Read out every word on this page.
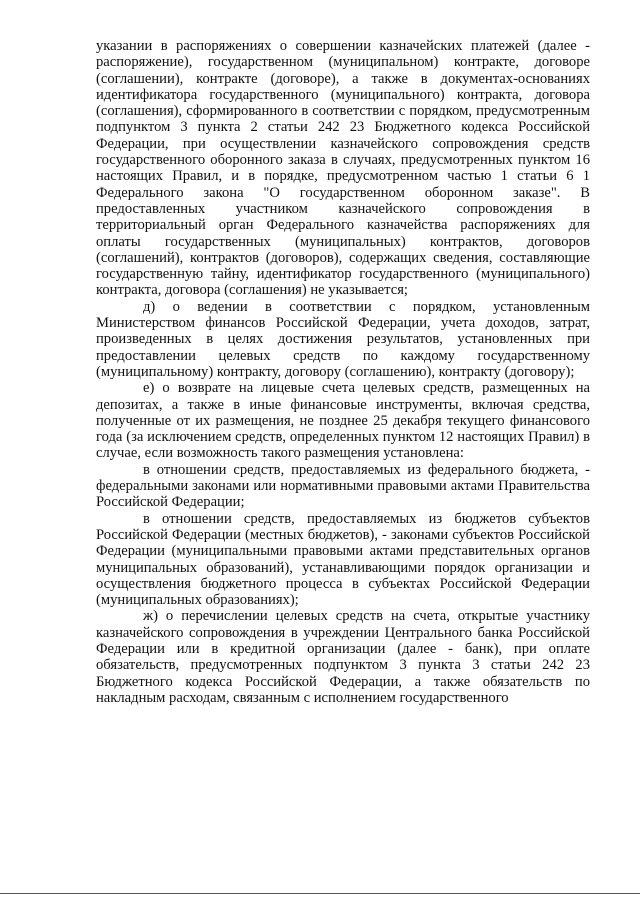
указании в распоряжениях о совершении казначейских платежей (далее - распоряжение), государственном (муниципальном) контракте, договоре (соглашении), контракте (договоре), а также в документах-основаниях идентификатора государственного (муниципального) контракта, договора (соглашения), сформированного в соответствии с порядком, предусмотренным подпунктом 3 пункта 2 статьи 242 23 Бюджетного кодекса Российской Федерации, при осуществлении казначейского сопровождения средств государственного оборонного заказа в случаях, предусмотренных пунктом 16 настоящих Правил, и в порядке, предусмотренном частью 1 статьи 6 1 Федерального закона "О государственном оборонном заказе". В предоставленных участником казначейского сопровождения в территориальный орган Федерального казначейства распоряжениях для оплаты государственных (муниципальных) контрактов, договоров (соглашений), контрактов (договоров), содержащих сведения, составляющие государственную тайну, идентификатор государственного (муниципального) контракта, договора (соглашения) не указывается;

д) о ведении в соответствии с порядком, установленным Министерством финансов Российской Федерации, учета доходов, затрат, произведенных в целях достижения результатов, установленных при предоставлении целевых средств по каждому государственному (муниципальному) контракту, договору (соглашению), контракту (договору);

е) о возврате на лицевые счета целевых средств, размещенных на депозитах, а также в иные финансовые инструменты, включая средства, полученные от их размещения, не позднее 25 декабря текущего финансового года (за исключением средств, определенных пунктом 12 настоящих Правил) в случае, если возможность такого размещения установлена:

в отношении средств, предоставляемых из федерального бюджета, - федеральными законами или нормативными правовыми актами Правительства Российской Федерации;

в отношении средств, предоставляемых из бюджетов субъектов Российской Федерации (местных бюджетов), - законами субъектов Российской Федерации (муниципальными правовыми актами представительных органов муниципальных образований), устанавливающими порядок организации и осуществления бюджетного процесса в субъектах Российской Федерации (муниципальных образованиях);

ж) о перечислении целевых средств на счета, открытые участнику казначейского сопровождения в учреждении Центрального банка Российской Федерации или в кредитной организации (далее - банк), при оплате обязательств, предусмотренных подпунктом 3 пункта 3 статьи 242 23 Бюджетного кодекса Российской Федерации, а также обязательств по накладным расходам, связанным с исполнением государственного
